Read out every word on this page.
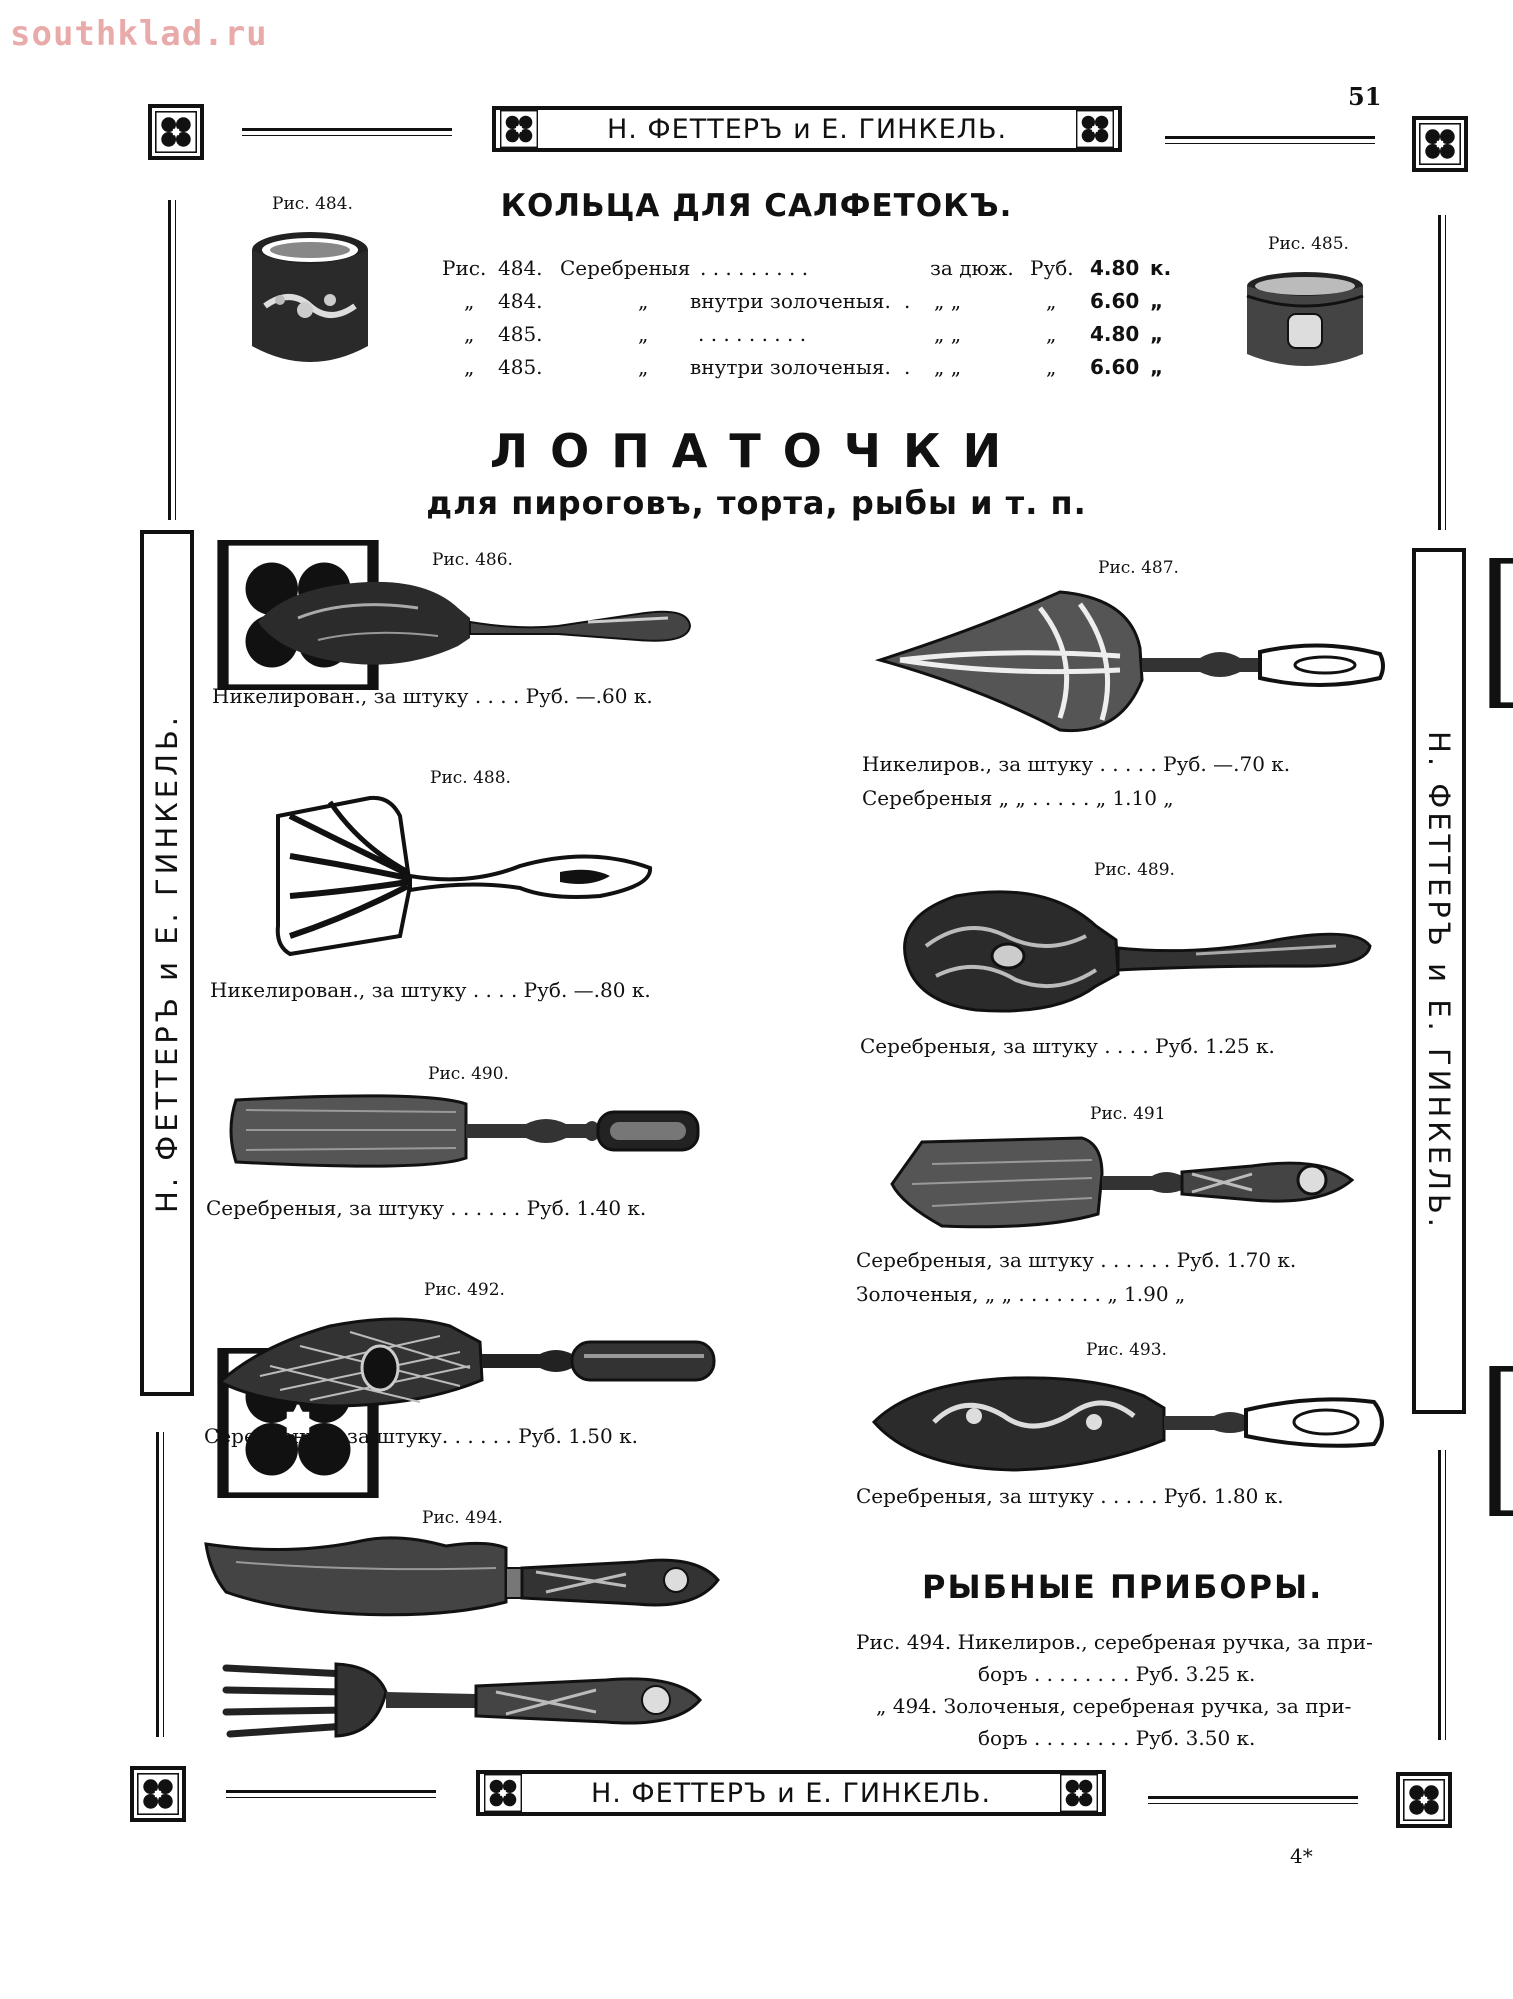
southklad.ru
51
Н. ФЕТТЕРЪ и Е. ГИНКЕЛЬ.
КОЛЬЦА ДЛЯ САЛФЕТОКЪ.
Рис. 484.
Рис. 485.
Рис. 484. Серебреныя . . . . . . . . .	за дюж. Руб. 4.80 к.
„ 484.	„ внутри золоченыя. . „ „	„ 6.60 „
„ 485.	„ . . . . . . . . .	„ „	„ 4.80 „
„ 485.	„ внутри золоченыя. . „ „	„ 6.60 „
ЛОПАТОЧКИ
для пироговъ, торта, рыбы и т. п.
Н. ФЕТТЕРЪ и Е. ГИНКЕЛЬ.	Н. ФЕТТЕРЪ и Е. ГИНКЕЛЬ.
Рис. 486.
Никелирован., за штуку . . . . Руб. —.60 к.
Рис. 488.
Никелирован., за штуку . . . . Руб. —.80 к.
Рис. 490.
Серебреныя, за штуку . . . . . . Руб. 1.40 к.
Рис. 492.
Серебреныя, за штуку. . . . . . Руб. 1.50 к.
Рис. 494.
Рис. 487.
Никелиров., за штуку . . . . . Руб. —.70 к.
Серебреныя „ „ . . . . . „ 1.10 „
Рис. 489.
Серебреныя, за штуку . . . . Руб. 1.25 к.
Рис. 491
Серебреныя, за штуку . . . . . . Руб. 1.70 к.
Золоченыя, „ „ . . . . . . . „ 1.90 „
Рис. 493.
Серебреныя, за штуку . . . . . Руб. 1.80 к.
РЫБНЫЕ ПРИБОРЫ.
Рис. 494. Никелиров., серебреная ручка, за при-
боръ . . . . . . . . Руб. 3.25 к.
„ 494. Золоченыя, серебреная ручка, за при-
боръ . . . . . . . . Руб. 3.50 к.
Н. ФЕТТЕРЪ и Е. ГИНКЕЛЬ.
4*
